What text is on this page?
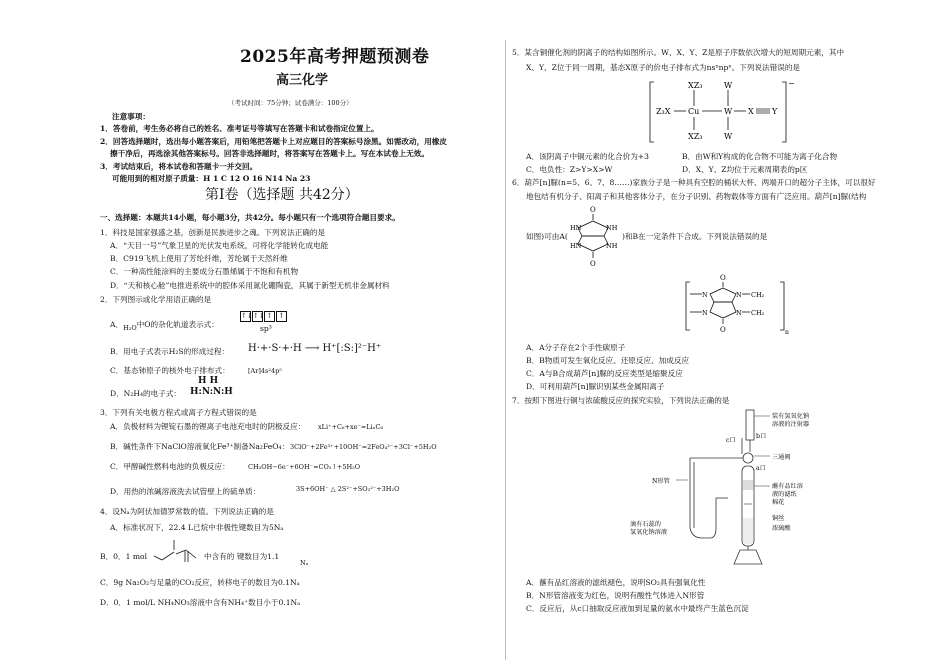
2025年高考押题预测卷
高三化学
（考试时间：75分钟；试卷满分：100分）
注意事项：
1．答卷前，考生务必将自己的姓名、准考证号等填写在答题卡和试卷指定位置上。
2．回答选择题时，选出每小题答案后，用铅笔把答题卡上对应题目的答案标号涂黑。如需改动，用橡皮
擦干净后，再选涂其他答案标号。回答非选择题时，将答案写在答题卡上。写在本试卷上无效。
3．考试结束后，将本试卷和答题卡一并交回。
可能用到的相对原子质量：H 1 C 12 O 16 N14 Na 23
第Ⅰ卷（选择题 共42分）
一、选择题：本题共14小题，每小题3分，共42分。每小题只有一个选项符合题目要求。
1．科技是国家强盛之基，创新是民族进步之魂。下列说法正确的是
A．“天目一号”气象卫星的光伏发电系统，可将化学能转化成电能
B．C919飞机上使用了芳纶纤维，芳纶属于天然纤维
C．一种高性能涂料的主要成分石墨烯属于不饱和有机物
D．“天和核心舱”电推进系统中的腔体采用氮化硼陶瓷，其属于新型无机非金属材料
2．下列图示或化学用语正确的是
A．H₂O中O的杂化轨道表示式：
↑↓↑↓ ↑ ↑
sp³
B．用电子式表示H₂S的形成过程： H·+·S·+·H ⟶ H⁺[:S:]²⁻H⁺
C．基态铈原子的核外电子排布式：	[Ar]4s²4p⁵
D．N₂H₄的电子式：
H H
H:N:N:H
3．下列有关电极方程式或离子方程式错误的是
A．负极材料为锂锭石墨的锂离子电池充电时的阴极反应： xLi⁺+C₆+xe⁻=LiₓC₆
B．碱性条件下NaClO溶液氧化Fe³⁺制备Na₂FeO₄： 3ClO⁻+2Fe³⁺+10OH⁻=2FeO₄²⁻+3Cl⁻+5H₂O
C．甲醇碱性燃料电池的负极反应：	CH₃OH−6e⁻+6OH⁻=CO₂↑+5H₂O
D．用热的浓碱溶液洗去试管壁上的硫单质：	3S+6OH⁻ △ 2S²⁻+SO₃²⁻+3H₂O
4．设Nₐ为阿伏加德罗常数的值。下列说法正确的是
A．标准状况下，22.4 L已烷中非极性键数目为5Nₐ
B．0．1 mol	中含有的 键数目为1.1
Nₐ
C．9g Na₂O₂与足量的CO₂反应，转移电子的数目为0.1Nₐ
D．0．1 mol/L NH₄NO₃溶液中含有NH₄⁺数目小于0.1Nₐ
5．某含铜催化剂的阴离子的结构如图所示。W、X、Y、Z是原子序数依次增大的短周期元素，其中
X、Y、Z位于同一周期，基态X原子的价电子排布式为nsⁿnpⁿ。下列说法错误的是
−
XZ₃	W
Z₃X Cu	W X Y
XZ₃	W
A．该阴离子中铜元素的化合价为+3	B．由W和Y构成的化合物不可能为离子化合物
C．电负性：Z>Y>X>W	D．X、Y、Z均位于元素周期表的p区
6．葫芦[n]脲(n=5、6、7、8……)家族分子是一种具有空腔的桶状大杯、两端开口的超分子主体，可以很好
地包结有机分子、阳离子和其他客体分子，在分子识别、药物载体等方面有广泛应用。葫芦[n]脲(结构
O
HN	NH
HN	NH
O
如图)可由A(	)和B在一定条件下合成。下列说法错误的是
n
O
N	N
N	N
CH₂
CH₂
O
A．A分子存在2个手性碳原子
B．B物质可发生氧化反应、还原反应、加成反应
C．A与B合成葫芦[n]脲的反应类型是缩聚反应
D．可利用葫芦[n]脲识别某些金属阳离子
7．按照下图进行铜与浓硫酸反应的探究实验，下列说法正确的是
装有氢氧化钠
溶液的注射器
b口
c口
三通阀
a口
N形管
滴有石蕊的
氢氧化钠溶液
蘸有品红溶
液的滤纸
棉花
铜丝
浓硫酸
A．蘸有品红溶液的滤纸褪色，说明SO₂具有强氧化性
B．N形管溶液变为红色，说明有酸性气体进入N形管
C．反应后，从c口抽取反应液加到足量的氨水中最终产生蓝色沉淀
